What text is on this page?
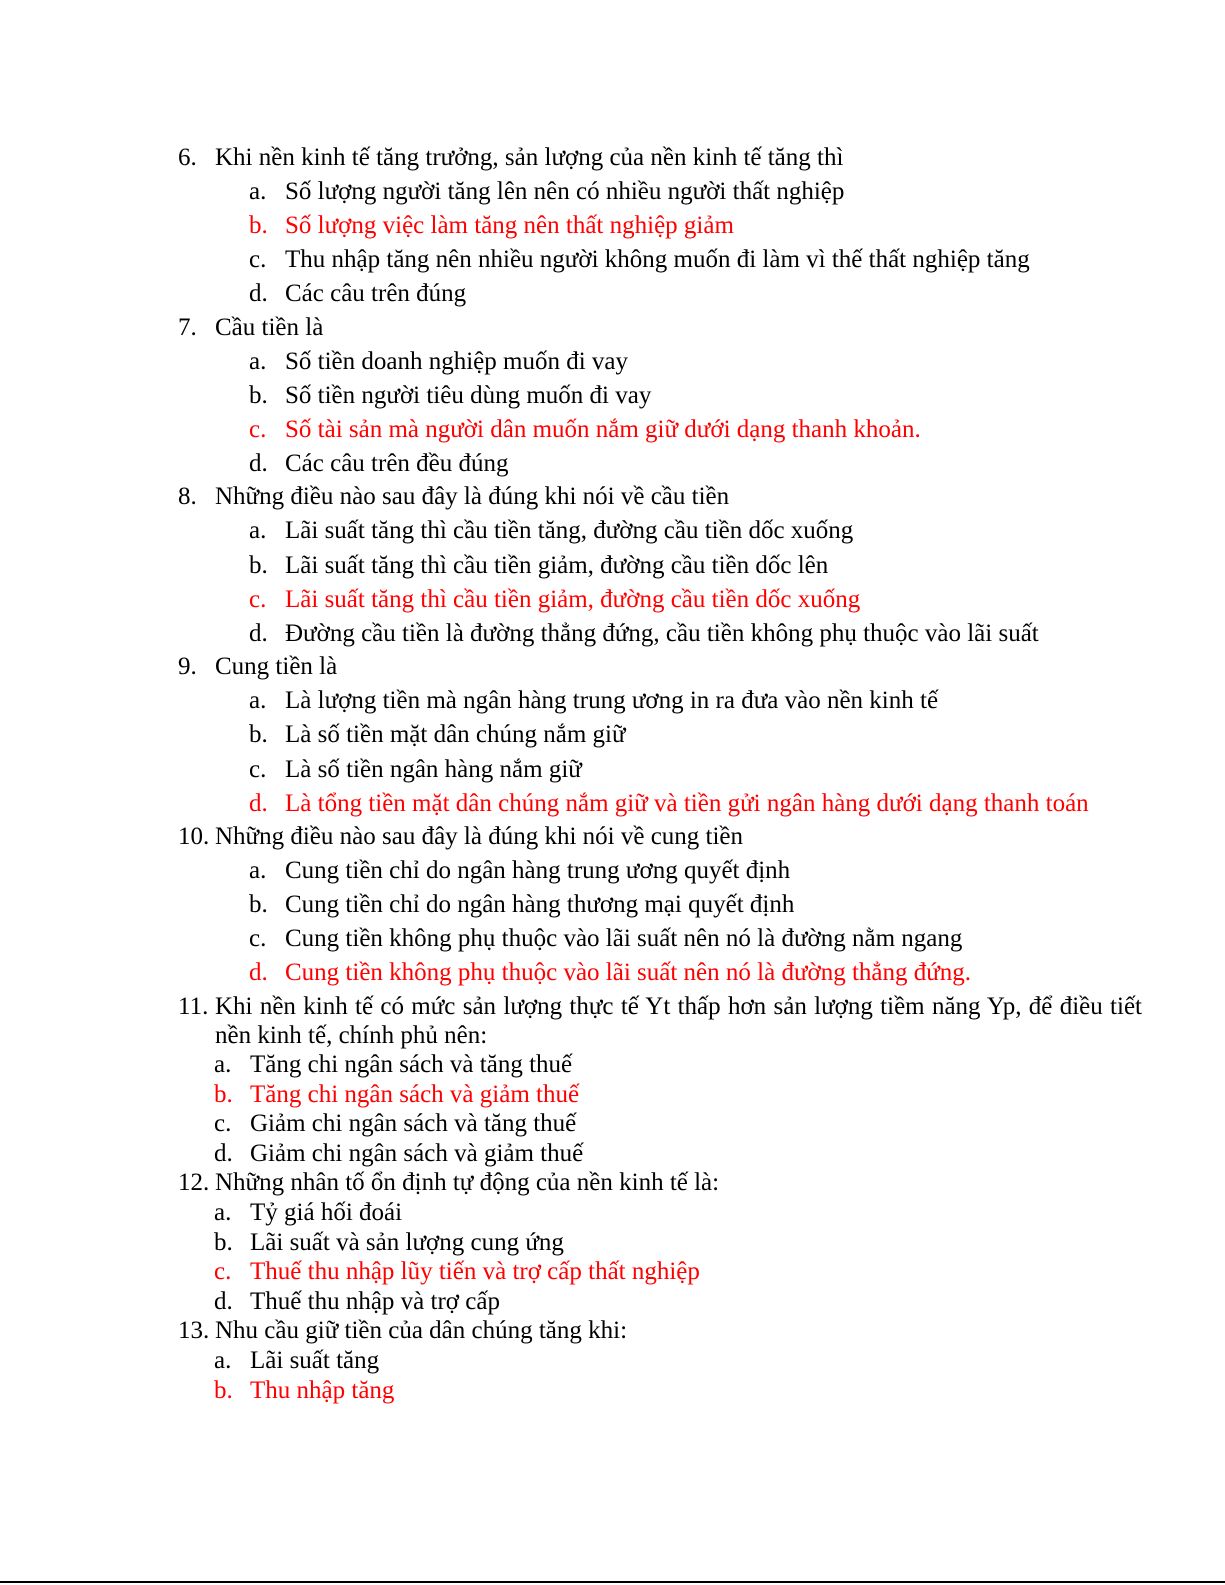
6. Khi nền kinh tế tăng trưởng, sản lượng của nền kinh tế tăng thì
a. Số lượng người tăng lên nên có nhiều người thất nghiệp
b. Số lượng việc làm tăng nên thất nghiệp giảm
c. Thu nhập tăng nên nhiều người không muốn đi làm vì thế thất nghiệp tăng
d. Các câu trên đúng
7. Cầu tiền là
a. Số tiền doanh nghiệp muốn đi vay
b. Số tiền người tiêu dùng muốn đi vay
c. Số tài sản mà người dân muốn nắm giữ dưới dạng thanh khoản.
d. Các câu trên đều đúng
8. Những điều nào sau đây là đúng khi nói về cầu tiền
a. Lãi suất tăng thì cầu tiền tăng, đường cầu tiền dốc xuống
b. Lãi suất tăng thì cầu tiền giảm, đường cầu tiền dốc lên
c. Lãi suất tăng thì cầu tiền giảm, đường cầu tiền dốc xuống
d. Đường cầu tiền là đường thẳng đứng, cầu tiền không phụ thuộc vào lãi suất
9. Cung tiền là
a. Là lượng tiền mà ngân hàng trung ương in ra đưa vào nền kinh tế
b. Là số tiền mặt dân chúng nắm giữ
c. Là số tiền ngân hàng nắm giữ
d. Là tổng tiền mặt dân chúng nắm giữ và tiền gửi ngân hàng dưới dạng thanh toán
10. Những điều nào sau đây là đúng khi nói về cung tiền
a. Cung tiền chỉ do ngân hàng trung ương quyết định
b. Cung tiền chỉ do ngân hàng thương mại quyết định
c. Cung tiền không phụ thuộc vào lãi suất nên nó là đường nằm ngang
d. Cung tiền không phụ thuộc vào lãi suất nên nó là đường thẳng đứng.
11. Khi nền kinh tế có mức sản lượng thực tế Yt thấp hơn sản lượng tiềm năng Yp, để điều tiết nền kinh tế, chính phủ nên:
a. Tăng chi ngân sách và tăng thuế
b. Tăng chi ngân sách và giảm thuế
c. Giảm chi ngân sách và tăng thuế
d. Giảm chi ngân sách và giảm thuế
12. Những nhân tố ổn định tự động của nền kinh tế là:
a. Tỷ giá hối đoái
b. Lãi suất và sản lượng cung ứng
c. Thuế thu nhập lũy tiến và trợ cấp thất nghiệp
d. Thuế thu nhập và trợ cấp
13. Nhu cầu giữ tiền của dân chúng tăng khi:
a. Lãi suất tăng
b. Thu nhập tăng
